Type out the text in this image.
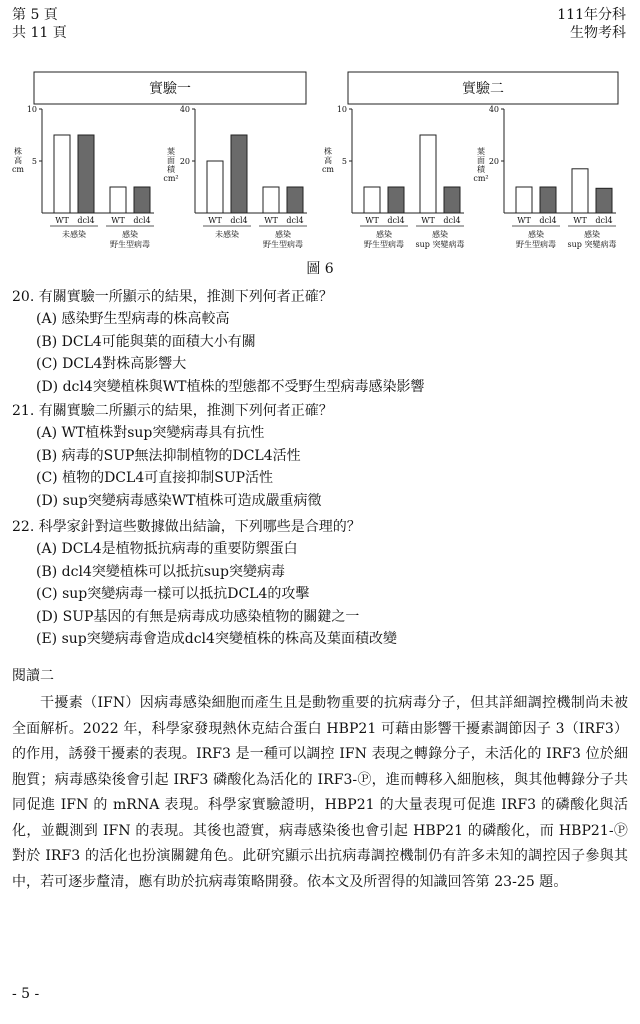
第 5 頁
共 11 頁
111年分科
生物考科
實驗一
5
10
株高 cm
WT dcl4 WT dcl4
未感染	感染野生型病毒
20
40
葉面積 cm²
WT dcl4 WT dcl4
未感染	感染野生型病毒
實驗二
5
10
株高 cm
WT dcl4 WT dcl4
感染野生型病毒
感染 sup 突變病毒
20
40
葉面積 cm²
WT dcl4 WT dcl4
感染野生型病毒
感染 sup 突變病毒
圖 6
20. 有關實驗一所顯示的結果，推測下列何者正確？
(A) 感染野生型病毒的株高較高
(B) DCL4可能與葉的面積大小有關
(C) DCL4對株高影響大
(D) dcl4突變植株與WT植株的型態都不受野生型病毒感染影響
21. 有關實驗二所顯示的結果，推測下列何者正確？
(A) WT植株對sup突變病毒具有抗性
(B) 病毒的SUP無法抑制植物的DCL4活性
(C) 植物的DCL4可直接抑制SUP活性
(D) sup突變病毒感染WT植株可造成嚴重病徵
22. 科學家針對這些數據做出結論，下列哪些是合理的？
(A) DCL4是植物抵抗病毒的重要防禦蛋白
(B) dcl4突變植株可以抵抗sup突變病毒
(C) sup突變病毒一樣可以抵抗DCL4的攻擊
(D) SUP基因的有無是病毒成功感染植物的關鍵之一
(E) sup突變病毒會造成dcl4突變植株的株高及葉面積改變
閱讀二
干擾素（IFN）因病毒感染細胞而產生且是動物重要的抗病毒分子，但其詳細調控機制尚未被全面解析。2022 年，科學家發現熱休克結合蛋白 HBP21 可藉由影響干擾素調節因子 3（IRF3）的作用，誘發干擾素的表現。IRF3 是一種可以調控 IFN 表現之轉錄分子，未活化的 IRF3 位於細胞質；病毒感染後會引起 IRF3 磷酸化為活化的 IRF3-Ⓟ，進而轉移入細胞核，與其他轉錄分子共同促進 IFN 的 mRNA 表現。科學家實驗證明，HBP21 的大量表現可促進 IRF3 的磷酸化與活化，並觀測到 IFN 的表現。其後也證實，病毒感染後也會引起 HBP21 的磷酸化，而 HBP21-Ⓟ對於 IRF3 的活化也扮演關鍵角色。此研究顯示出抗病毒調控機制仍有許多未知的調控因子參與其中，若可逐步釐清，應有助於抗病毒策略開發。依本文及所習得的知識回答第 23-25 題。
- 5 -
